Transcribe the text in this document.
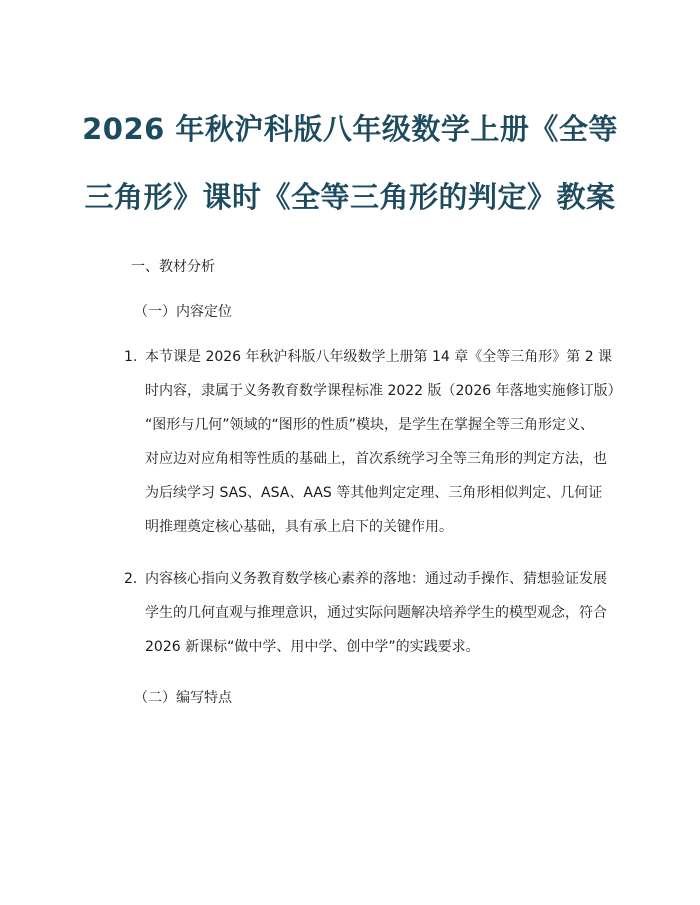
2026 年秋沪科版八年级数学上册《全等
三角形》课时《全等三角形的判定》教案
一、教材分析
（一）内容定位
1. 本节课是 2026 年秋沪科版八年级数学上册第 14 章《全等三角形》第 2 课
时内容，隶属于义务教育数学课程标准 2022 版（2026 年落地实施修订版）
“图形与几何”领域的“图形的性质”模块，是学生在掌握全等三角形定义、
对应边对应角相等性质的基础上，首次系统学习全等三角形的判定方法，也
为后续学习 SAS、ASA、AAS 等其他判定定理、三角形相似判定、几何证
明推理奠定核心基础，具有承上启下的关键作用。
2. 内容核心指向义务教育数学核心素养的落地：通过动手操作、猜想验证发展
学生的几何直观与推理意识，通过实际问题解决培养学生的模型观念，符合
2026 新课标“做中学、用中学、创中学”的实践要求。
（二）编写特点
